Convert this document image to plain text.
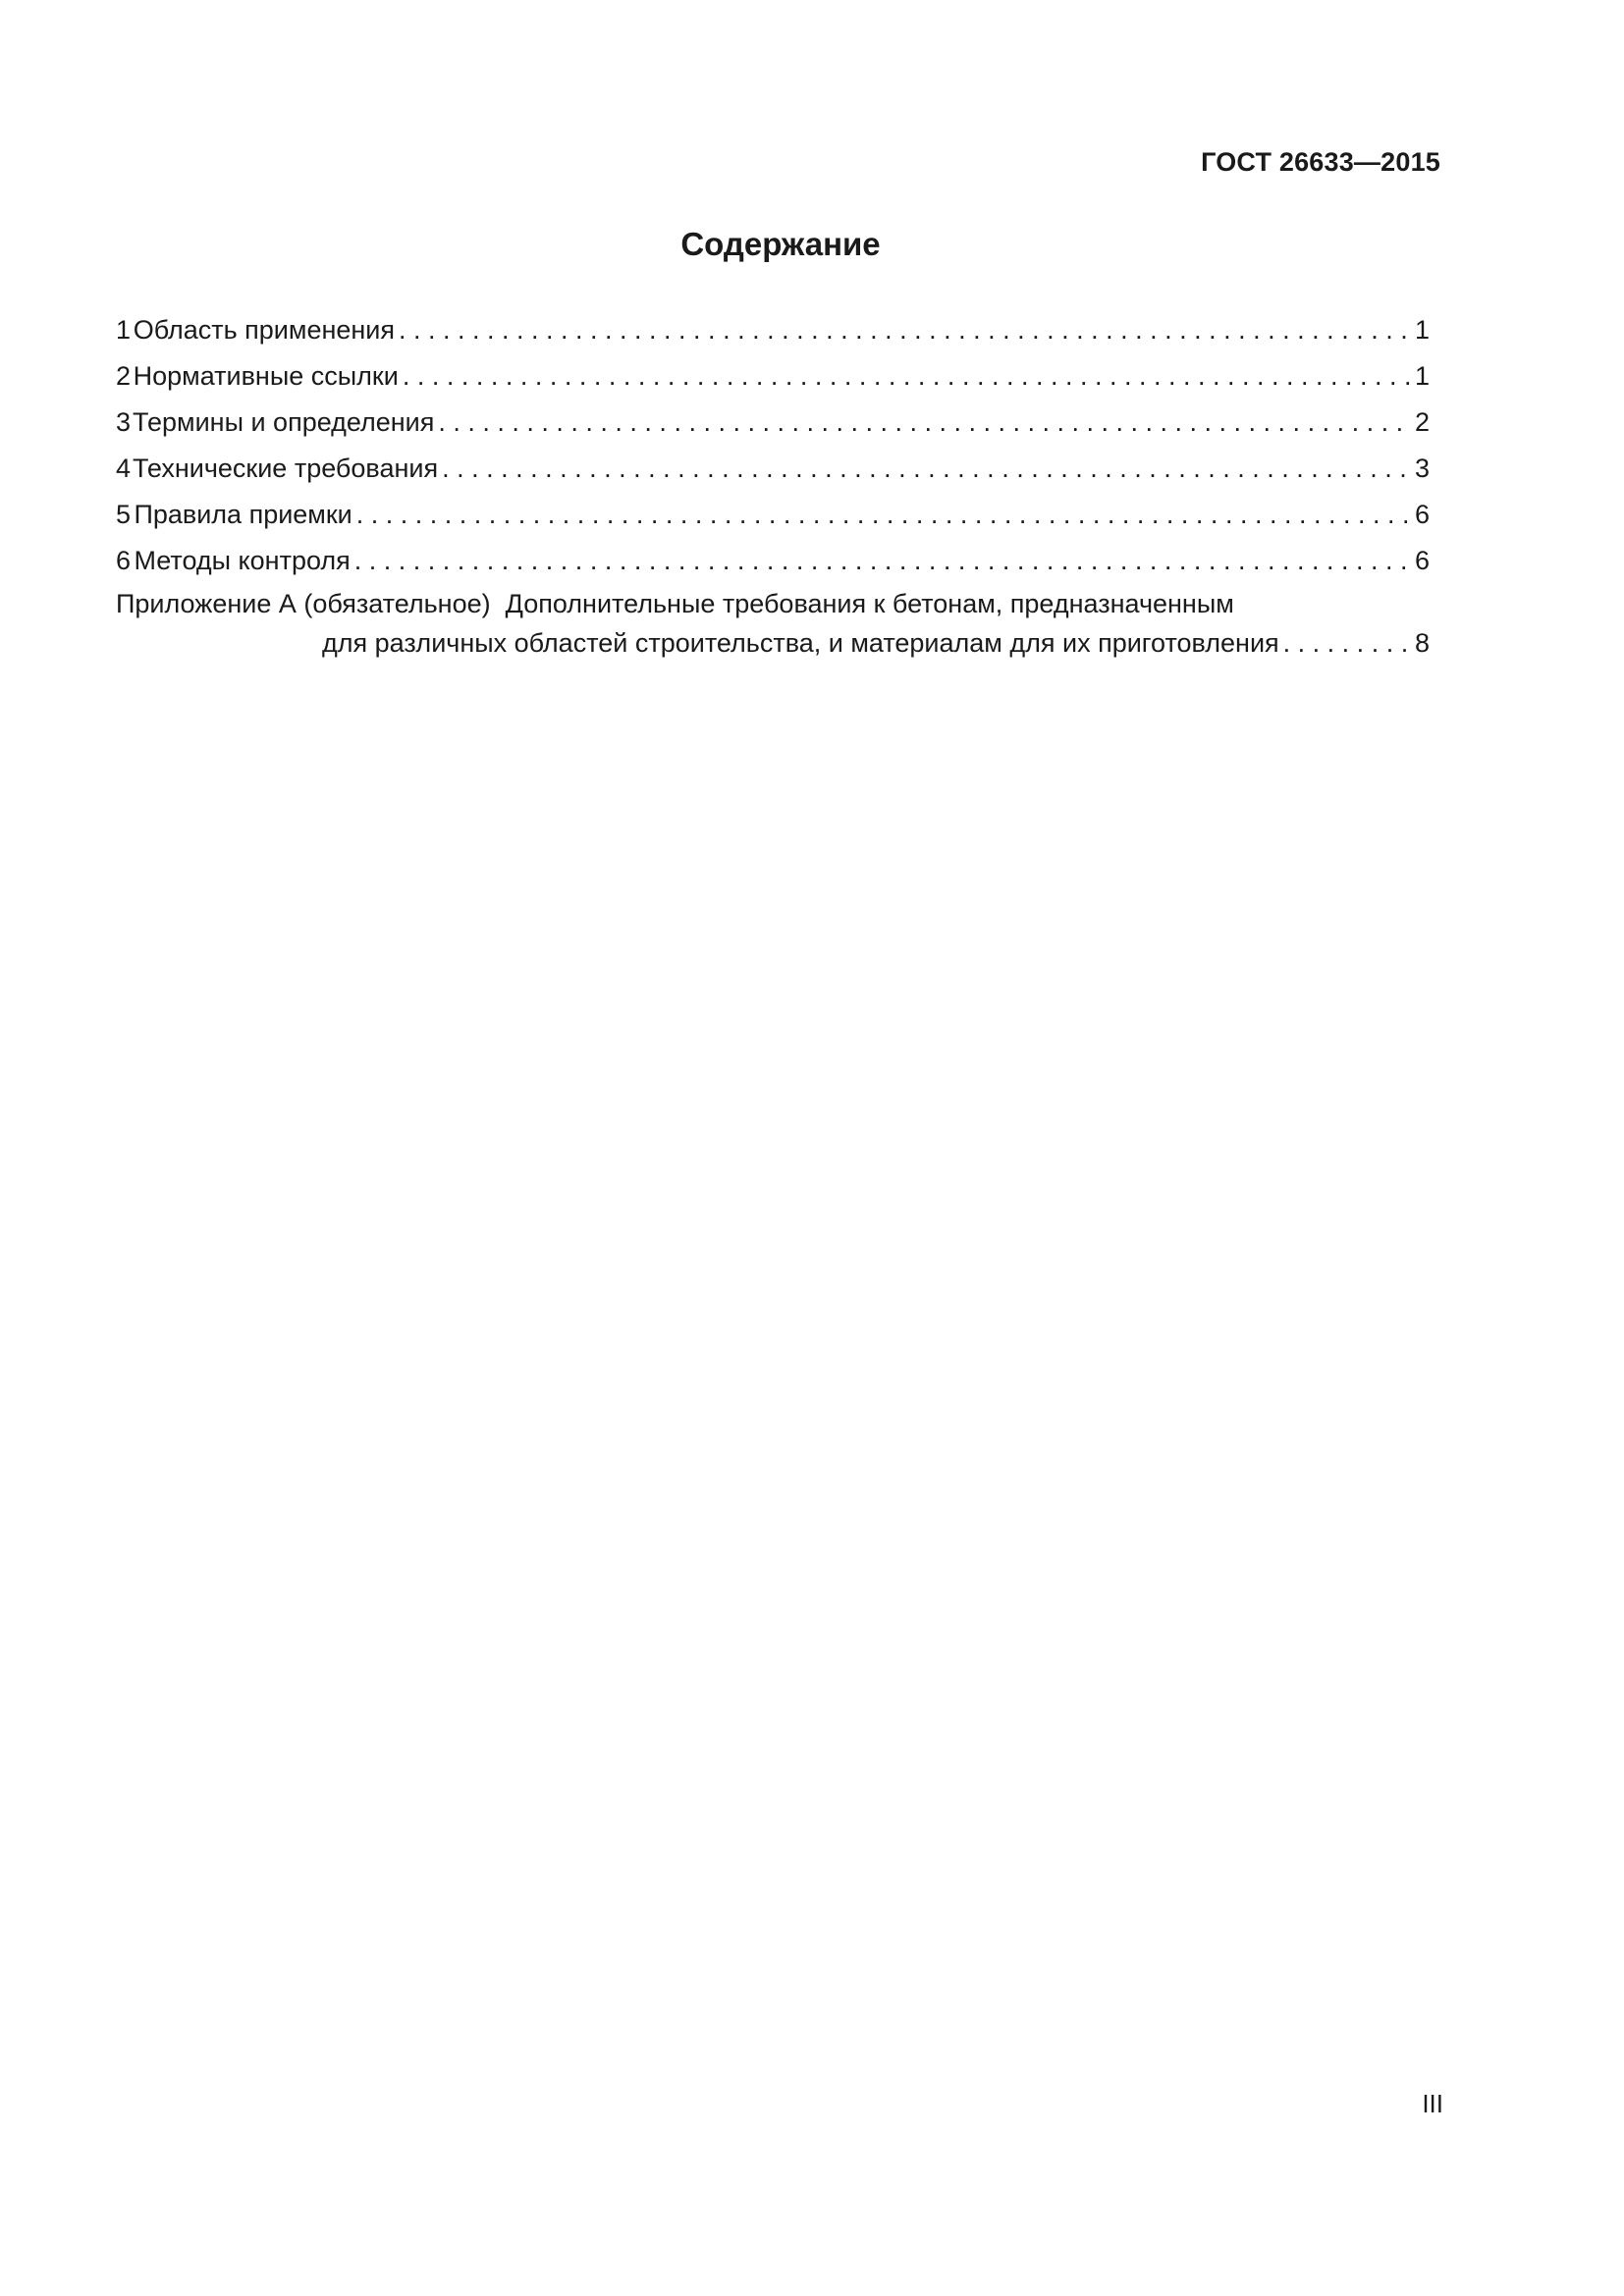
ГОСТ 26633—2015
Содержание
1 Область применения . . .	1
2 Нормативные ссылки . . .	1
3 Термины и определения . . .	2
4 Технические требования . . .	3
5 Правила приемки . . .	6
6 Методы контроля . . .	6
Приложение А (обязательное) Дополнительные требования к бетонам, предназначенным
для различных областей строительства, и материалам для их приготовления . . .	8
III
